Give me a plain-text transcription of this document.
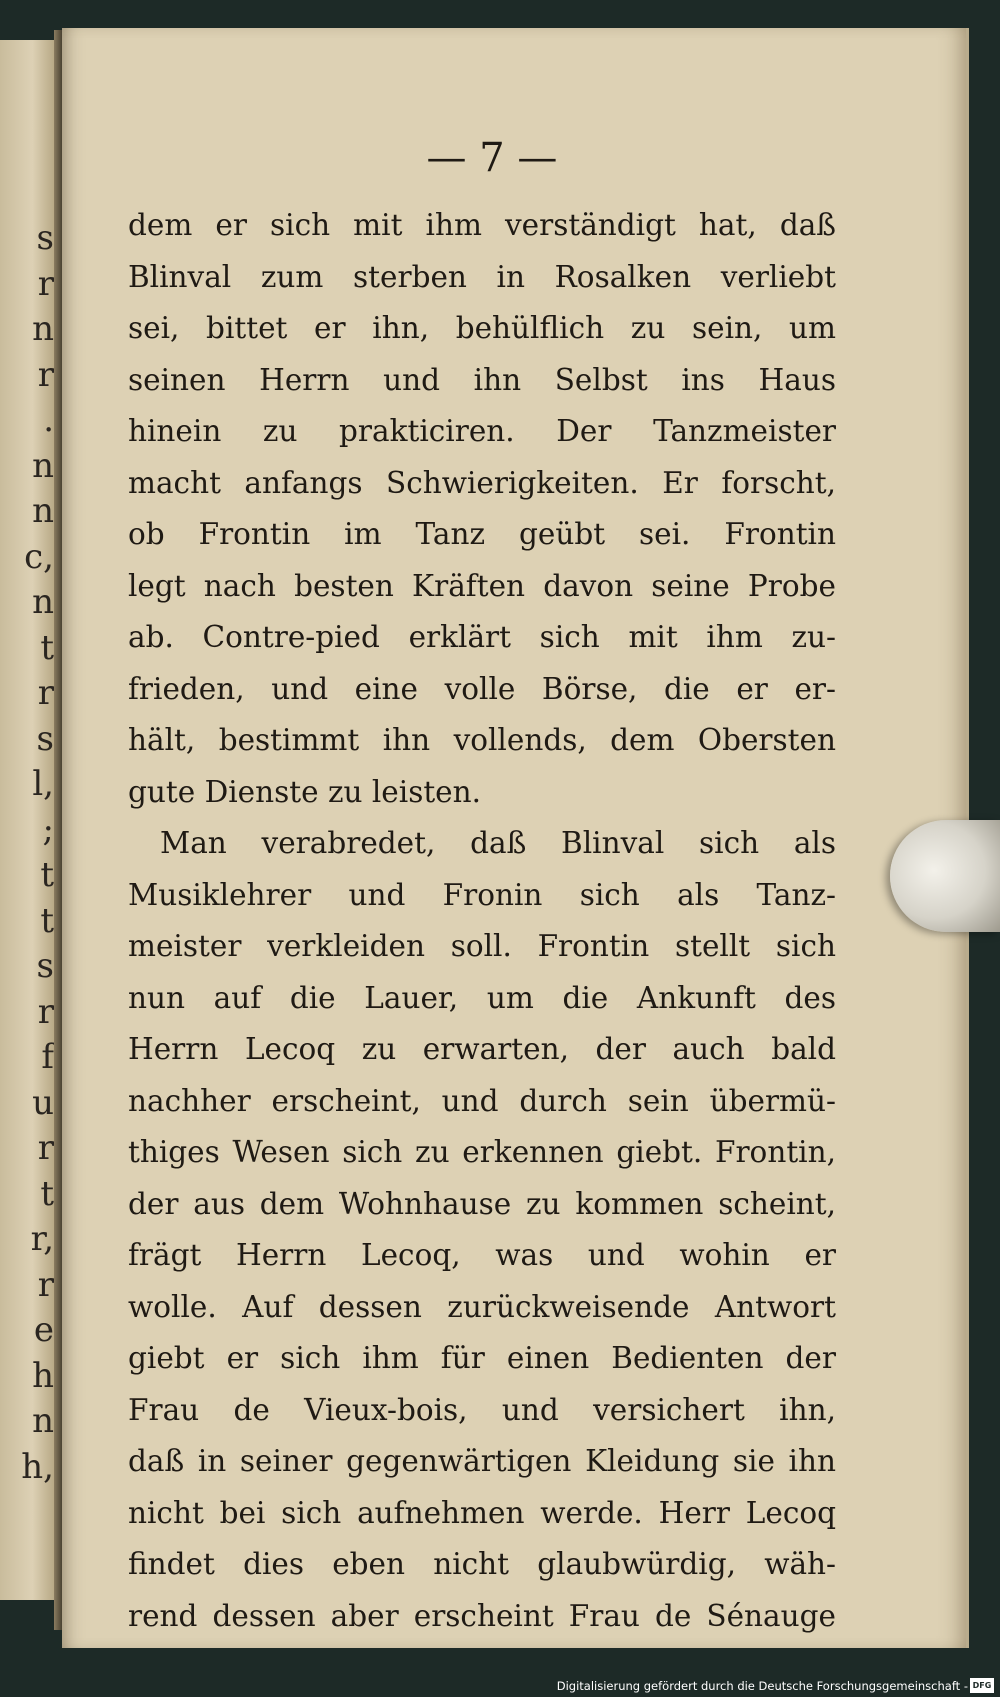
s
r
n
r
.
n
n
c,
n
t
r
s
l,
;
t
t
s
r
f
u
r
t
r,
r
e
h
n
h,
— 7 —
dem er sich mit ihm verständigt hat, daß
Blinval zum sterben in Rosalken verliebt
sei, bittet er ihn, behülflich zu sein, um
seinen Herrn und ihn Selbst ins Haus
hinein zu prakticiren. Der Tanzmeister
macht anfangs Schwierigkeiten. Er forscht,
ob Frontin im Tanz geübt sei. Frontin
legt nach besten Kräften davon seine Probe
ab. Contre-pied erklärt sich mit ihm zu-
frieden, und eine volle Börse, die er er-
hält, bestimmt ihn vollends, dem Obersten
gute Dienste zu leisten.
Man verabredet, daß Blinval sich als
Musiklehrer und Fronin sich als Tanz-
meister verkleiden soll. Frontin stellt sich
nun auf die Lauer, um die Ankunft des
Herrn Lecoq zu erwarten, der auch bald
nachher erscheint, und durch sein übermü-
thiges Wesen sich zu erkennen giebt. Frontin,
der aus dem Wohnhause zu kommen scheint,
frägt Herrn Lecoq, was und wohin er
wolle. Auf dessen zurückweisende Antwort
giebt er sich ihm für einen Bedienten der
Frau de Vieux-bois, und versichert ihn,
daß in seiner gegenwärtigen Kleidung sie ihn
nicht bei sich aufnehmen werde. Herr Lecoq
findet dies eben nicht glaubwürdig, wäh-
rend dessen aber erscheint Frau de Sénauge
Digitalisierung gefördert durch die Deutsche Forschungsgemeinschaft - DFG
